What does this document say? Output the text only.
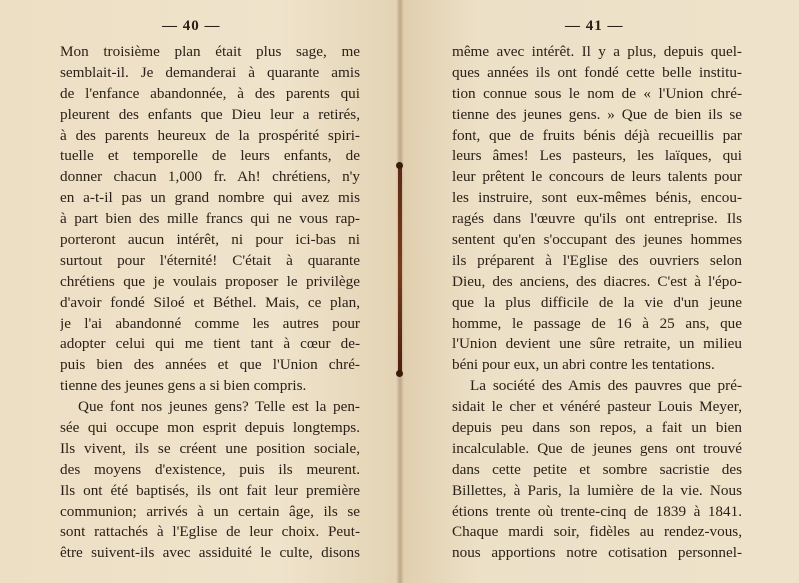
— 40 —
Mon troisième plan était plus sage, me
semblait-il. Je demanderai à quarante amis
de l'enfance abandonnée, à des parents qui
pleurent des enfants que Dieu leur a retirés,
à des parents heureux de la prospérité spiri-
tuelle et temporelle de leurs enfants, de
donner chacun 1,000 fr. Ah! chrétiens, n'y
en a-t-il pas un grand nombre qui avez mis
à part bien des mille francs qui ne vous rap-
porteront aucun intérêt, ni pour ici-bas ni
surtout pour l'éternité! C'était à quarante
chrétiens que je voulais proposer le privilège
d'avoir fondé Siloé et Béthel. Mais, ce plan,
je l'ai abandonné comme les autres pour
adopter celui qui me tient tant à cœur de-
puis bien des années et que l'Union chré-
tienne des jeunes gens a si bien compris.
Que font nos jeunes gens? Telle est la pen-
sée qui occupe mon esprit depuis longtemps.
Ils vivent, ils se créent une position sociale,
des moyens d'existence, puis ils meurent.
Ils ont été baptisés, ils ont fait leur première
communion; arrivés à un certain âge, ils se
sont rattachés à l'Eglise de leur choix. Peut-
être suivent-ils avec assiduité le culte, disons
— 41 —
même avec intérêt. Il y a plus, depuis quel-
ques années ils ont fondé cette belle institu-
tion connue sous le nom de « l'Union chré-
tienne des jeunes gens. » Que de bien ils se
font, que de fruits bénis déjà recueillis par
leurs âmes! Les pasteurs, les laïques, qui
leur prêtent le concours de leurs talents pour
les instruire, sont eux-mêmes bénis, encou-
ragés dans l'œuvre qu'ils ont entreprise. Ils
sentent qu'en s'occupant des jeunes hommes
ils préparent à l'Eglise des ouvriers selon
Dieu, des anciens, des diacres. C'est à l'épo-
que la plus difficile de la vie d'un jeune
homme, le passage de 16 à 25 ans, que
l'Union devient une sûre retraite, un milieu
béni pour eux, un abri contre les tentations.
La société des Amis des pauvres que pré-
sidait le cher et vénéré pasteur Louis Meyer,
depuis peu dans son repos, a fait un bien
incalculable. Que de jeunes gens ont trouvé
dans cette petite et sombre sacristie des
Billettes, à Paris, la lumière de la vie. Nous
étions trente où trente-cinq de 1839 à 1841.
Chaque mardi soir, fidèles au rendez-vous,
nous apportions notre cotisation personnel-
